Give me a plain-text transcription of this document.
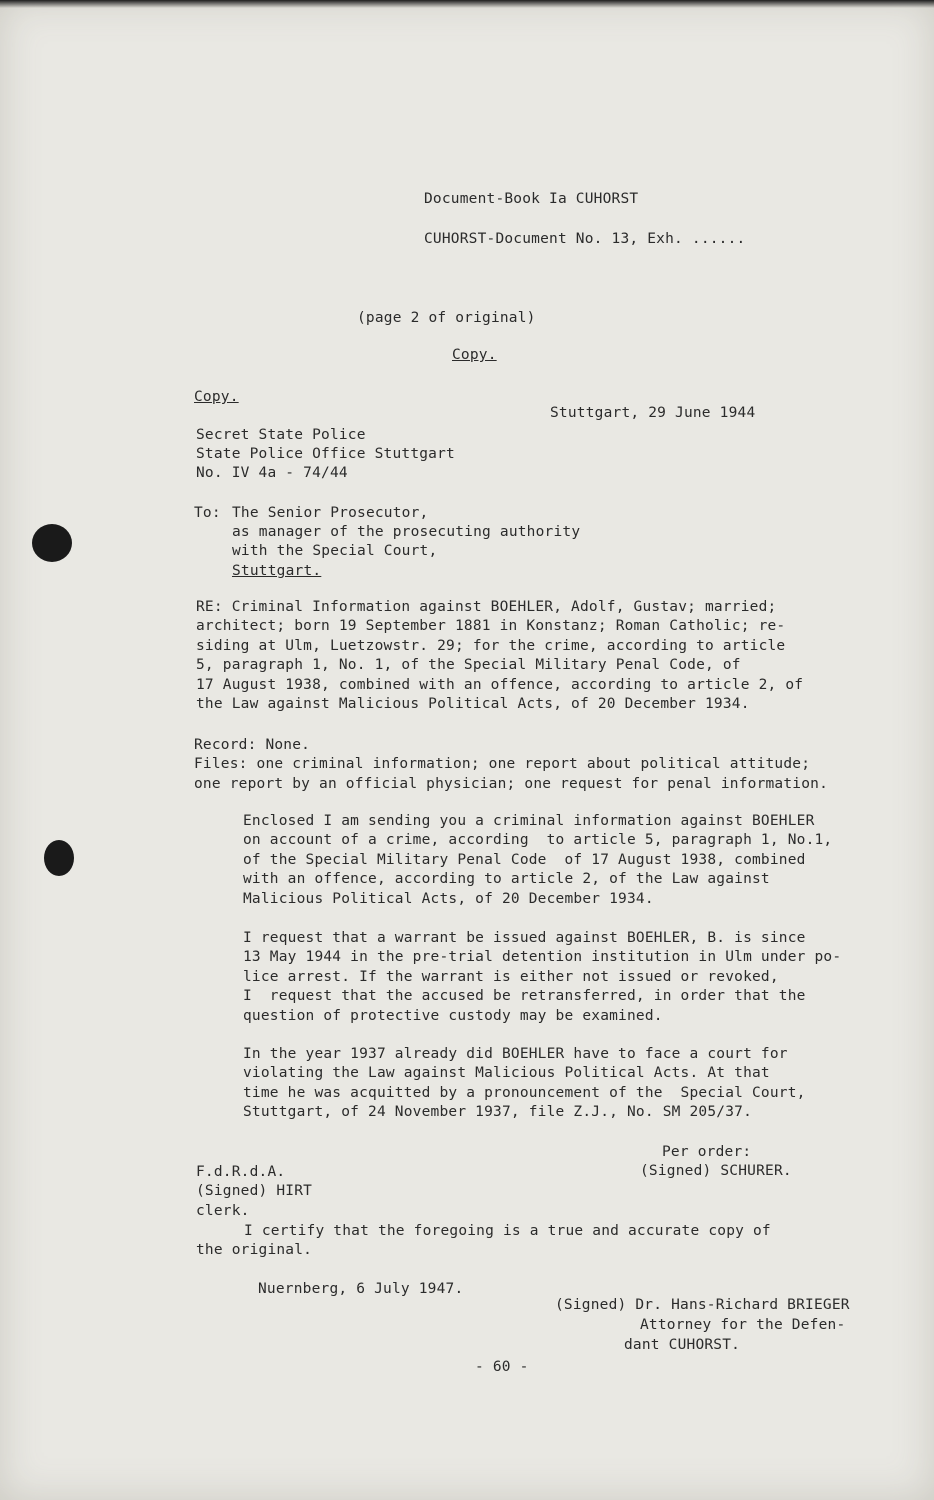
Document-Book Ia CUHORST
CUHORST-Document No. 13, Exh. ......
(page 2 of original)
Copy.
Copy.
Stuttgart, 29 June 1944
Secret State Police
State Police Office Stuttgart
No. IV 4a - 74/44
To: The Senior Prosecutor,
as manager of the prosecuting authority
with the Special Court,
Stuttgart.
RE: Criminal Information against BOEHLER, Adolf, Gustav; married;
architect; born 19 September 1881 in Konstanz; Roman Catholic; re-
siding at Ulm, Luetzowstr. 29; for the crime, according to article
5, paragraph 1, No. 1, of the Special Military Penal Code, of
17 August 1938, combined with an offence, according to article 2, of
the Law against Malicious Political Acts, of 20 December 1934.
Record: None.
Files: one criminal information; one report about political attitude;
one report by an official physician; one request for penal information.
Enclosed I am sending you a criminal information against BOEHLER
on account of a crime, according  to article 5, paragraph 1, No.1,
of the Special Military Penal Code  of 17 August 1938, combined
with an offence, according to article 2, of the Law against
Malicious Political Acts, of 20 December 1934.
I request that a warrant be issued against BOEHLER, B. is since
13 May 1944 in the pre-trial detention institution in Ulm under po-
lice arrest. If the warrant is either not issued or revoked,
I  request that the accused be retransferred, in order that the
question of protective custody may be examined.
In the year 1937 already did BOEHLER have to face a court for
violating the Law against Malicious Political Acts. At that
time he was acquitted by a pronouncement of the  Special Court,
Stuttgart, of 24 November 1937, file Z.J., No. SM 205/37.
Per order:
F.d.R.d.A.	(Signed) SCHURER.
(Signed) HIRT
clerk.
I certify that the foregoing is a true and accurate copy of
the original.
Nuernberg, 6 July 1947.
(Signed) Dr. Hans-Richard BRIEGER
Attorney for the Defen-
dant CUHORST.
- 60 -
